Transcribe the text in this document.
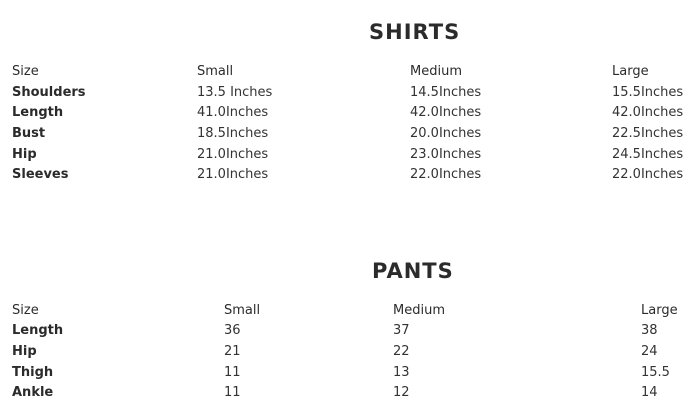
SHIRTS
Size	Small	Medium	Large
Shoulders	13.5 Inches	14.5Inches	15.5Inches
Length	41.0Inches	42.0Inches	42.0Inches
Bust	18.5Inches	20.0Inches	22.5Inches
Hip	21.0Inches	23.0Inches	24.5Inches
Sleeves	21.0Inches	22.0Inches	22.0Inches
PANTS
Size	Small	Medium	Large
Length	36	37	38
Hip	21	22	24
Thigh	11	13	15.5
Ankle	11	12	14
